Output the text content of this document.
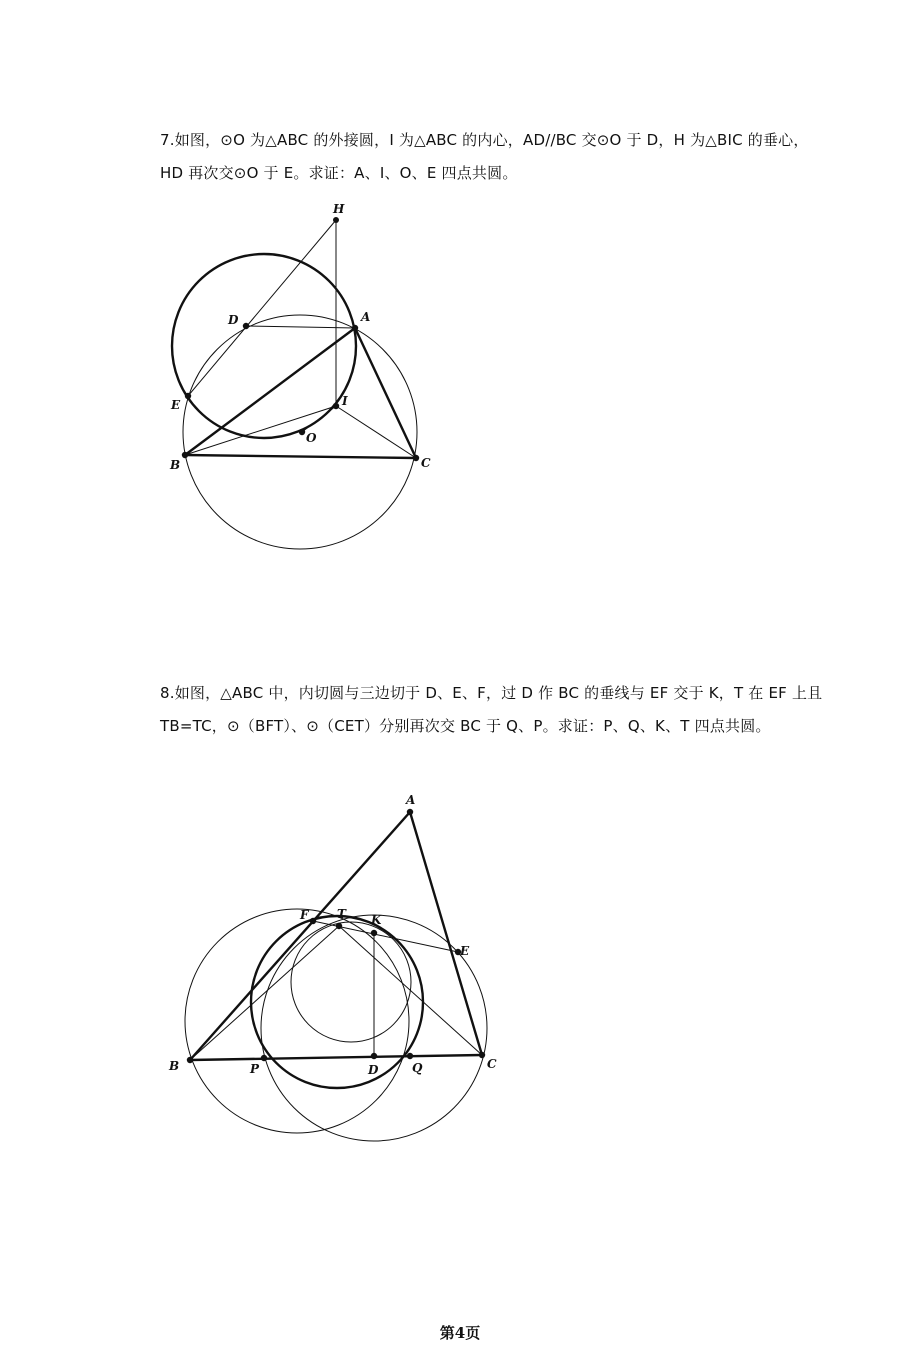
7.如图，⊙O 为△ABC 的外接圆，I 为△ABC 的内心，AD//BC 交⊙O 于 D，H 为△BIC 的垂心，

HD 再次交⊙O 于 E。求证：A、I、O、E 四点共圆。

H
D	A
E	I
O
B	C
A
F T K
E
B	P	D	Q	C

8.如图，△ABC 中，内切圆与三边切于 D、E、F，过 D 作 BC 的垂线与 EF 交于 K，T 在 EF 上且

TB=TC，⊙（BFT）、⊙（CET）分别再次交 BC 于 Q、P。求证：P、Q、K、T 四点共圆。

第4页
